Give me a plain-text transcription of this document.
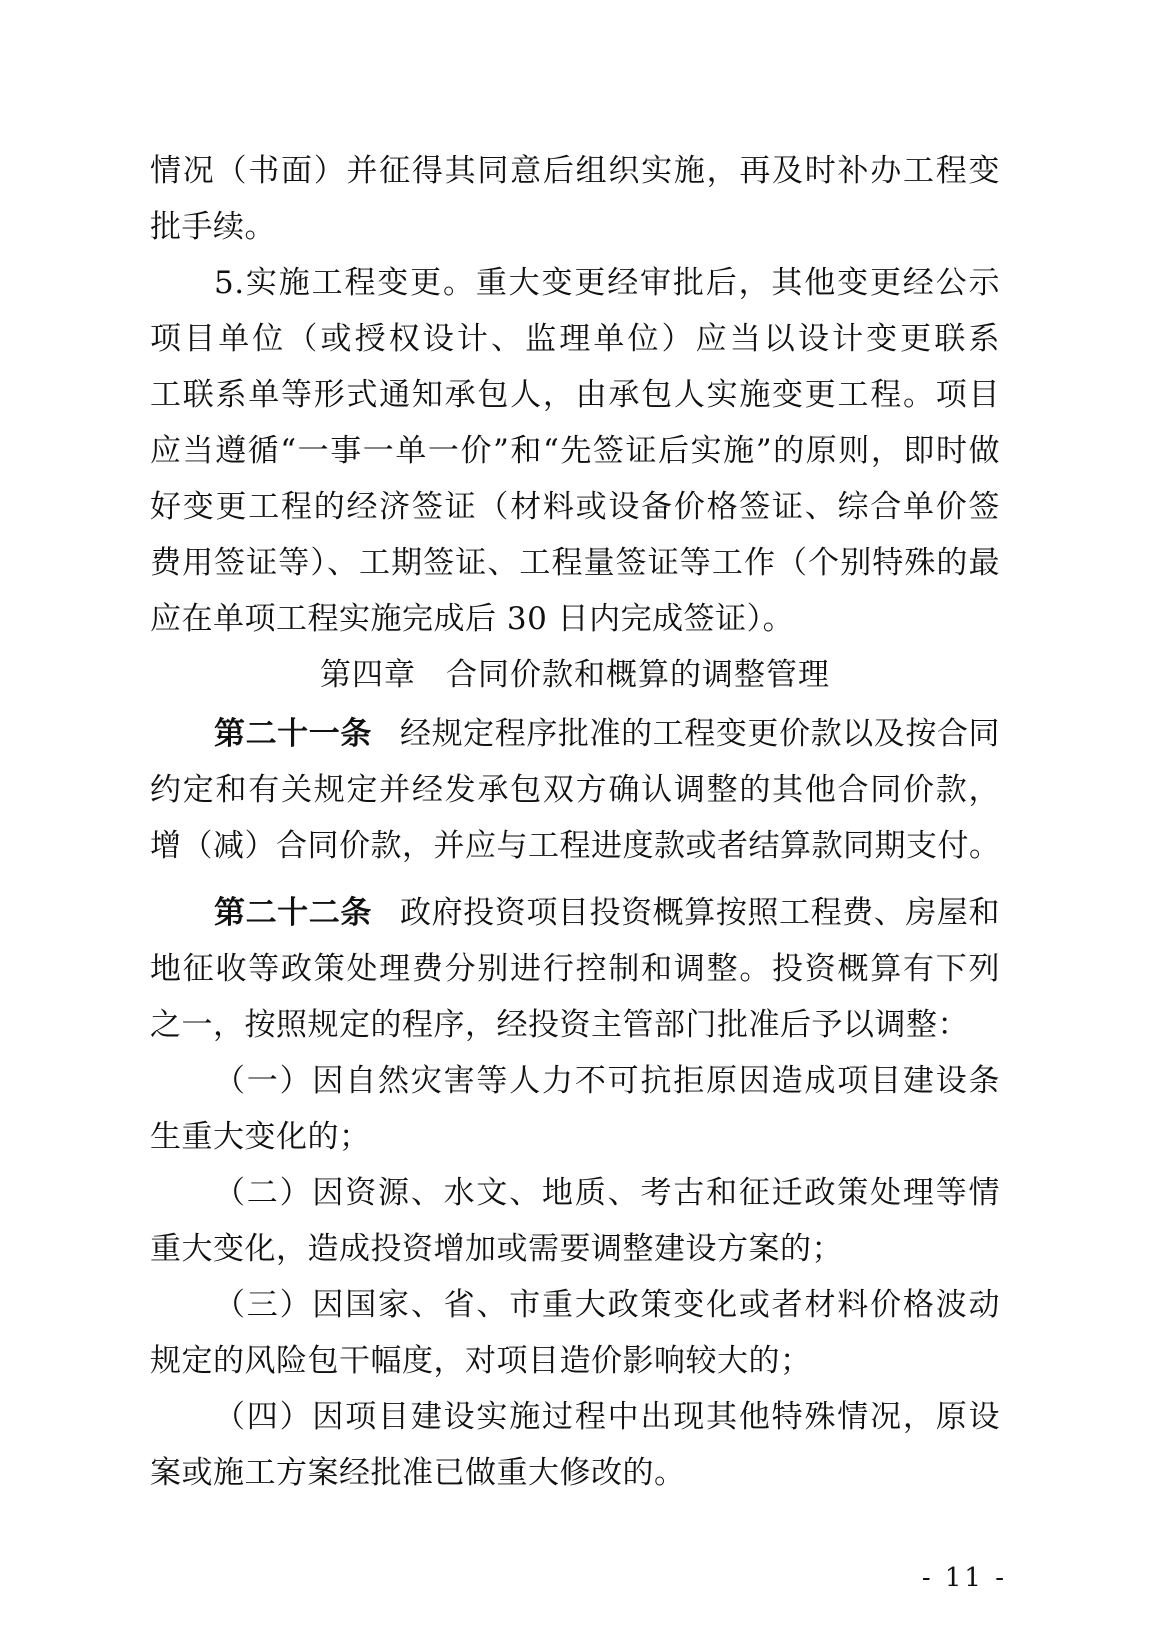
情况（书面）并征得其同意后组织实施，再及时补办工程变
批手续。
5.实施工程变更。重大变更经审批后，其他变更经公示
项目单位（或授权设计、监理单位）应当以设计变更联系
工联系单等形式通知承包人，由承包人实施变更工程。项目
应当遵循“一事一单一价”和“先签证后实施”的原则，即时做
好变更工程的经济签证（材料或设备价格签证、综合单价签
费用签证等）、工期签证、工程量签证等工作（个别特殊的最
应在单项工程实施完成后 30 日内完成签证）。
第四章 合同价款和概算的调整管理
第二十一条 经规定程序批准的工程变更价款以及按合同
约定和有关规定并经发承包双方确认调整的其他合同价款，
增（减）合同价款，并应与工程进度款或者结算款同期支付。
第二十二条 政府投资项目投资概算按照工程费、房屋和
地征收等政策处理费分别进行控制和调整。投资概算有下列
之一，按照规定的程序，经投资主管部门批准后予以调整：
（一）因自然灾害等人力不可抗拒原因造成项目建设条
生重大变化的；
（二）因资源、水文、地质、考古和征迁政策处理等情
重大变化，造成投资增加或需要调整建设方案的；
（三）因国家、省、市重大政策变化或者材料价格波动
规定的风险包干幅度，对项目造价影响较大的；
（四）因项目建设实施过程中出现其他特殊情况，原设
案或施工方案经批准已做重大修改的。
- 11 -
